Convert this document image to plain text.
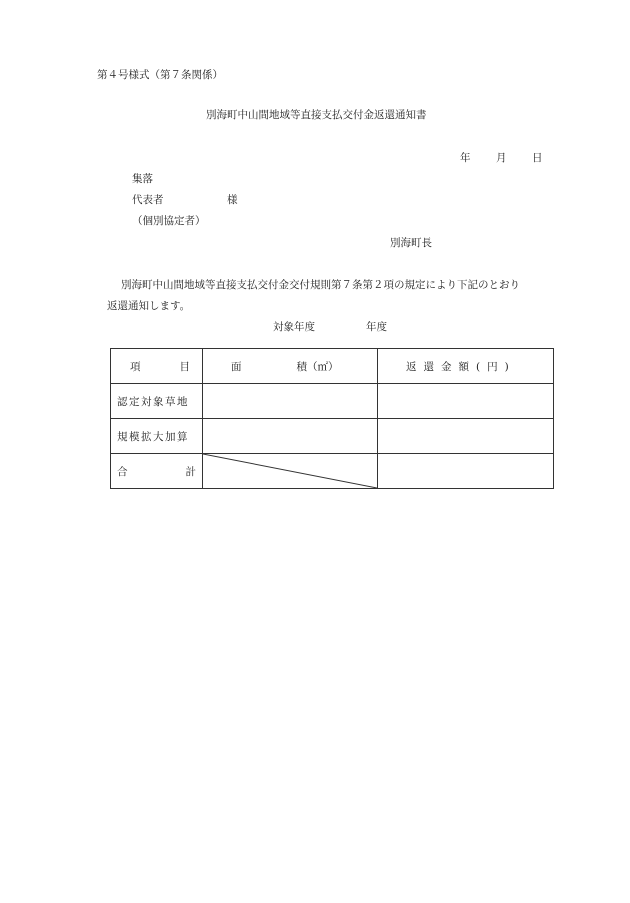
第４号様式（第７条関係）
別海町中山間地域等直接支払交付金返還通知書
年 月 日
集落
代表者	様
（個別協定者）
別海町長
別海町中山間地域等直接支払交付金交付規則第７条第２項の規定により下記のとおり
返還通知します。
対象年度	年度
項 目	面 積（㎡）	返還金額(円)

認定対象草地		

規模拡大加算		

合 計
